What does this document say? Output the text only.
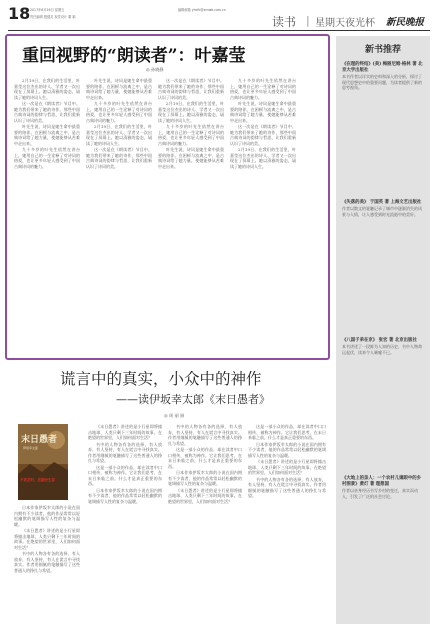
18 2017年6月16日 星期五
责任编辑 殷健灵 视觉设计 董 颖
编辑邮箱 yhcfk@xmwb.com.cn
读书 | 星期天夜光杯 新民晚报
重回视野的“朗读者”：叶嘉莹
◎ 孙晓静

2月19日，在我们的生活里，叶嘉莹这位杰出的诗人、学者又一次出现在了屏幕上。她以清雅的姿态，诵读了她的诗词人生。

这一次是在《朗读者》节目中。她为我们带来了她的诗作，那些中国古典诗词的韵律与哲思，让我们重新认识了诗词的美。

叶先生说，诗词是她生命中最重要的陪伴。在困顿与流离之中，是古典诗词给了她力量，使她能够从苦难中走出来。

九十多岁的叶先生依然在讲台上，她用自己的一生诠释了对诗词的热爱，也让更多年轻人感受到了中国古典诗词的魅力。

叶先生说，诗词是她生命中最重要的陪伴。在困顿与流离之中，是古典诗词给了她力量，使她能够从苦难中走出来。

九十多岁的叶先生依然在讲台上，她用自己的一生诠释了对诗词的热爱，也让更多年轻人感受到了中国古典诗词的魅力。

2月19日，在我们的生活里，叶嘉莹这位杰出的诗人、学者又一次出现在了屏幕上。她以清雅的姿态，诵读了她的诗词人生。

这一次是在《朗读者》节目中。她为我们带来了她的诗作，那些中国古典诗词的韵律与哲思，让我们重新认识了诗词的美。

这一次是在《朗读者》节目中。她为我们带来了她的诗作，那些中国古典诗词的韵律与哲思，让我们重新认识了诗词的美。

2月19日，在我们的生活里，叶嘉莹这位杰出的诗人、学者又一次出现在了屏幕上。她以清雅的姿态，诵读了她的诗词人生。

九十多岁的叶先生依然在讲台上，她用自己的一生诠释了对诗词的热爱，也让更多年轻人感受到了中国古典诗词的魅力。

叶先生说，诗词是她生命中最重要的陪伴。在困顿与流离之中，是古典诗词给了她力量，使她能够从苦难中走出来。

九十多岁的叶先生依然在讲台上，她用自己的一生诠释了对诗词的热爱，也让更多年轻人感受到了中国古典诗词的魅力。

叶先生说，诗词是她生命中最重要的陪伴。在困顿与流离之中，是古典诗词给了她力量，使她能够从苦难中走出来。

这一次是在《朗读者》节目中。她为我们带来了她的诗作，那些中国古典诗词的韵律与哲思，让我们重新认识了诗词的美。

2月19日，在我们的生活里，叶嘉莹这位杰出的诗人、学者又一次出现在了屏幕上。她以清雅的姿态，诵读了她的诗词人生。

谎言中的真实，小众中的神作
——读伊坂幸太郎《末日愚者》
◎ 周 丽 娟
末日愚者
伊坂幸太郎
不肯走时，近期会生存

日本作家伊坂幸太郎的小说在国内拥有不少读者，他的作品常常以轻松幽默的笔调描写人性的复杂与温暖。

《末日愚者》讲述的是小行星即将撞击地球、人类只剩下三年时间的故事。在绝望的世界里，人们如何面对生活？

书中的人物各有各的选择，有人放弃，有人坚持，有人在谎言中寻找真实。作者用细腻的笔触描写了这些普通人的挣扎与希望。

《末日愚者》讲述的是小行星即将撞击地球、人类只剩下三年时间的故事。在绝望的世界里，人们如何面对生活？

书中的人物各有各的选择，有人放弃，有人坚持，有人在谎言中寻找真实。作者用细腻的笔触描写了这些普通人的挣扎与希望。

这是一部小众的作品，却在读者中口口相传，被称为神作。它让我们思考，在末日来临之前，什么才是真正重要的东西。

日本作家伊坂幸太郎的小说在国内拥有不少读者，他的作品常常以轻松幽默的笔调描写人性的复杂与温暖。

书中的人物各有各的选择，有人放弃，有人坚持，有人在谎言中寻找真实。作者用细腻的笔触描写了这些普通人的挣扎与希望。

这是一部小众的作品，却在读者中口口相传，被称为神作。它让我们思考，在末日来临之前，什么才是真正重要的东西。

日本作家伊坂幸太郎的小说在国内拥有不少读者，他的作品常常以轻松幽默的笔调描写人性的复杂与温暖。

《末日愚者》讲述的是小行星即将撞击地球、人类只剩下三年时间的故事。在绝望的世界里，人们如何面对生活？

这是一部小众的作品，却在读者中口口相传，被称为神作。它让我们思考，在末日来临之前，什么才是真正重要的东西。

日本作家伊坂幸太郎的小说在国内拥有不少读者，他的作品常常以轻松幽默的笔调描写人性的复杂与温暖。

《末日愚者》讲述的是小行星即将撞击地球、人类只剩下三年时间的故事。在绝望的世界里，人们如何面对生活？

书中的人物各有各的选择，有人放弃，有人坚持，有人在谎言中寻找真实。作者用细腻的笔触描写了这些普通人的挣扎与希望。

新书推荐
《在理的终结》(美) 梅丽尼姆·格林 著 北京大学出版社
本书作者以详实的史料和深入的分析，探讨了现代思想史中的重要问题，为读者提供了新的思考视角。
《失落的美》 于国英 著 上海文艺出版社
作者以散文的笔触记录了城市中逐渐消失的风景与人情，让人感受到时光流逝中的美好。
《八国子弟在京》 张宏 著 北京出版社
本书讲述了一段鲜为人知的历史，书中人物命运起伏，读来令人唏嘘不已。
《大地上的亲人：一个农村儿媳眼中的乡村图景》黄灯 著 理想国
作者以亲身经历书写乡村的变迁，真实而动人，引发了广泛的社会讨论。
